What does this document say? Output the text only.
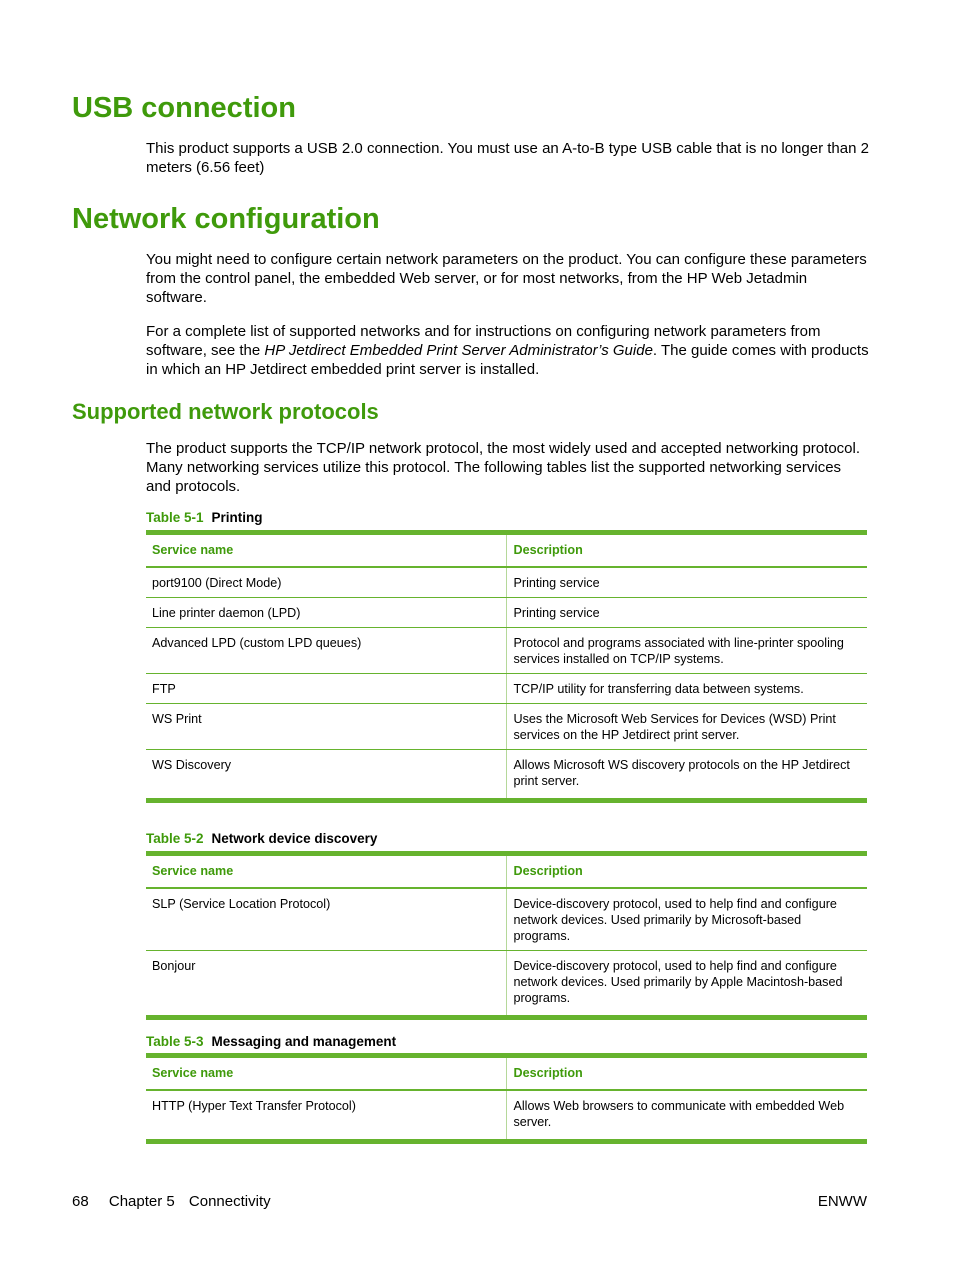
USB connection

This product supports a USB 2.0 connection. You must use an A-to-B type USB cable that is no longer than 2 meters (6.56 feet)

Network configuration

You might need to configure certain network parameters on the product. You can configure these parameters from the control panel, the embedded Web server, or for most networks, from the HP Web Jetadmin software.

For a complete list of supported networks and for instructions on configuring network parameters from software, see the HP Jetdirect Embedded Print Server Administrator’s Guide. The guide comes with products in which an HP Jetdirect embedded print server is installed.

Supported network protocols

The product supports the TCP/IP network protocol, the most widely used and accepted networking protocol. Many networking services utilize this protocol. The following tables list the supported networking services and protocols.

Table 5-1 Printing
Service name	Description
port9100 (Direct Mode)	Printing service
Line printer daemon (LPD)	Printing service
Advanced LPD (custom LPD queues)	Protocol and programs associated with line-printer spooling services installed on TCP/IP systems.
FTP	TCP/IP utility for transferring data between systems.
WS Print	Uses the Microsoft Web Services for Devices (WSD) Print services on the HP Jetdirect print server.
WS Discovery	Allows Microsoft WS discovery protocols on the HP Jetdirect print server.
Table 5-2 Network device discovery
Service name	Description
SLP (Service Location Protocol)	Device-discovery protocol, used to help find and configure network devices. Used primarily by Microsoft-based programs.
Bonjour	Device-discovery protocol, used to help find and configure network devices. Used primarily by Apple Macintosh-based programs.
Table 5-3 Messaging and management
Service name	Description
HTTP (Hyper Text Transfer Protocol)	Allows Web browsers to communicate with embedded Web server.
68 Chapter 5 Connectivity	ENWW
